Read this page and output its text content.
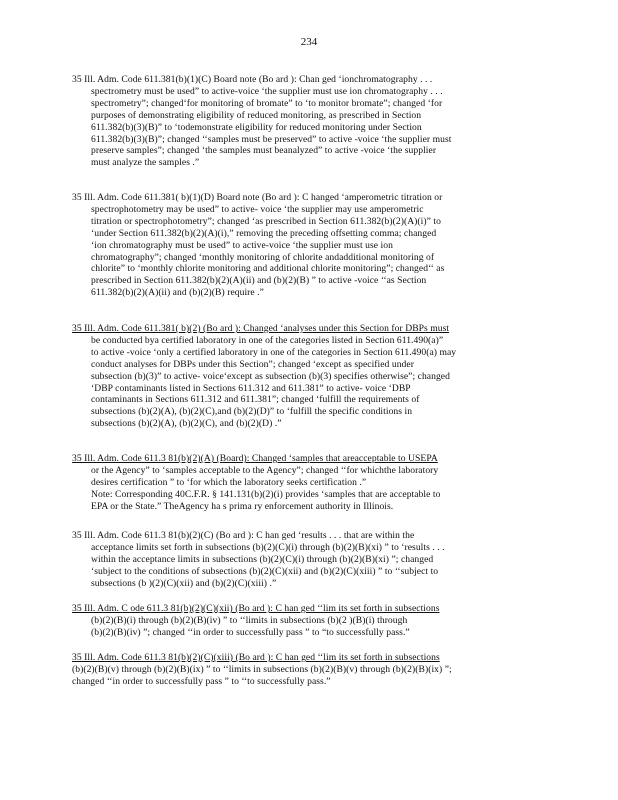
234
35 Ill. Adm. Code 611.381(b)(1)(C) Board note (Bo ard ): Chan ged ‘ionchromatography . . .
spectrometry must be used” to active-voice ‘the supplier must use ion chromatography . . .
spectrometry”; changed‘for monitoring of bromate” to ‘to monitor bromate”; changed ‘for
purposes of demonstrating eligibility of reduced monitoring, as prescribed in Section
611.382(b)(3)(B)” to ‘todemonstrate eligibility for reduced monitoring under Section
611.382(b)(3)(B)”; changed ‘‘samples must be preserved” to active -voice ‘the supplier must
preserve samples”; changed ‘the samples must beanalyzed” to active -voice ‘the supplier
must analyze the samples .”
35 Ill. Adm. Code 611.381( b)(1)(D) Board note (Bo ard ): C hanged ‘amperometric titration or
spectrophotometry may be used” to active- voice ‘the supplier may use amperometric
titration or spectrophotometry”; changed ‘as prescribed in Section 611.382(b)(2)(A)(i)” to
‘under Section 611.382(b)(2)(A)(i),” removing the preceding offsetting comma; changed
‘ion chromatography must be used” to active-voice ‘the supplier must use ion
chromatography”; changed ‘monthly monitoring of chlorite andadditional monitoring of
chlorite” to ‘monthly chlorite monitoring and additional chlorite monitoring”; changed‘‘ as
prescribed in Section 611.382(b)(2)(A)(ii) and (b)(2)(B) ” to active -voice ‘‘as Section
611.382(b)(2)(A)(ii) and (b)(2)(B) require .”
35 Ill. Adm. Code 611.381( b)(2) (Bo ard ): Changed ‘analyses under this Section for DBPs must
be conducted bya certified laboratory in one of the categories listed in Section 611.490(a)”
to active -voice ‘only a certified laboratory in one of the categories in Section 611.490(a) may
conduct analyses for DBPs under this Section”; changed ‘except as specified under
subsection (b)(3)” to active- voice‘except as subsection (b)(3) specifies otherwise”; changed
‘DBP contaminants listed in Sections 611.312 and 611.381” to active- voice ‘DBP
contaminants in Sections 611.312 and 611.381”; changed ‘fulfill the requirements of
subsections (b)(2)(A), (b)(2)(C),and (b)(2)(D)” to ‘fulfill the specific conditions in
subsections (b)(2)(A), (b)(2)(C), and (b)(2)(D) .”
35 Ill. Adm. Code 611.3 81(b)(2)(A) (Board): Changed ‘samples that areacceptable to USEPA
or the Agency” to ‘samples acceptable to the Agency”; changed ‘‘for whichthe laboratory
desires certification ” to ‘for which the laboratory seeks certification .”
Note: Corresponding 40C.F.R. § 141.131(b)(2)(i) provides ‘samples that are acceptable to
EPA or the State.” TheAgency ha s prima ry enforcement authority in Illinois.
35 Ill. Adm. Code 611.3 81(b)(2)(C) (Bo ard ): C han ged ‘results . . . that are within the
acceptance limits set forth in subsections (b)(2)(C)(i) through (b)(2)(B)(xi) ” to ‘results . . .
within the acceptance limits in subsections (b)(2)(C)(i) through (b)(2)(B)(xi) ”; changed
‘subject to the conditions of subsections (b)(2)(C)(xii) and (b)(2)(C)(xiii) ” to ‘‘subject to
subsections (b )(2)(C)(xii) and (b)(2)(C)(xiii) .”
35 Ill. Adm. C ode 611.3 81(b)(2)(C)(xii) (Bo ard ): C han ged ‘‘lim its set forth in subsections
(b)(2)(B)(i) through (b)(2)(B)(iv) ” to ‘‘limits in subsections (b)(2 )(B)(i) through
(b)(2)(B)(iv) ”; changed ‘‘in order to successfully pass ” to “to successfully pass.”
35 Ill. Adm. Code 611.3 81(b)(2)(C)(xiii) (Bo ard ): C han ged ‘‘lim its set forth in subsections
(b)(2)(B)(v) through (b)(2)(B)(ix) ” to ‘‘limits in subsections (b)(2)(B)(v) through (b)(2)(B)(ix) ”;
changed ‘‘in order to successfully pass ” to ‘‘to successfully pass.”
